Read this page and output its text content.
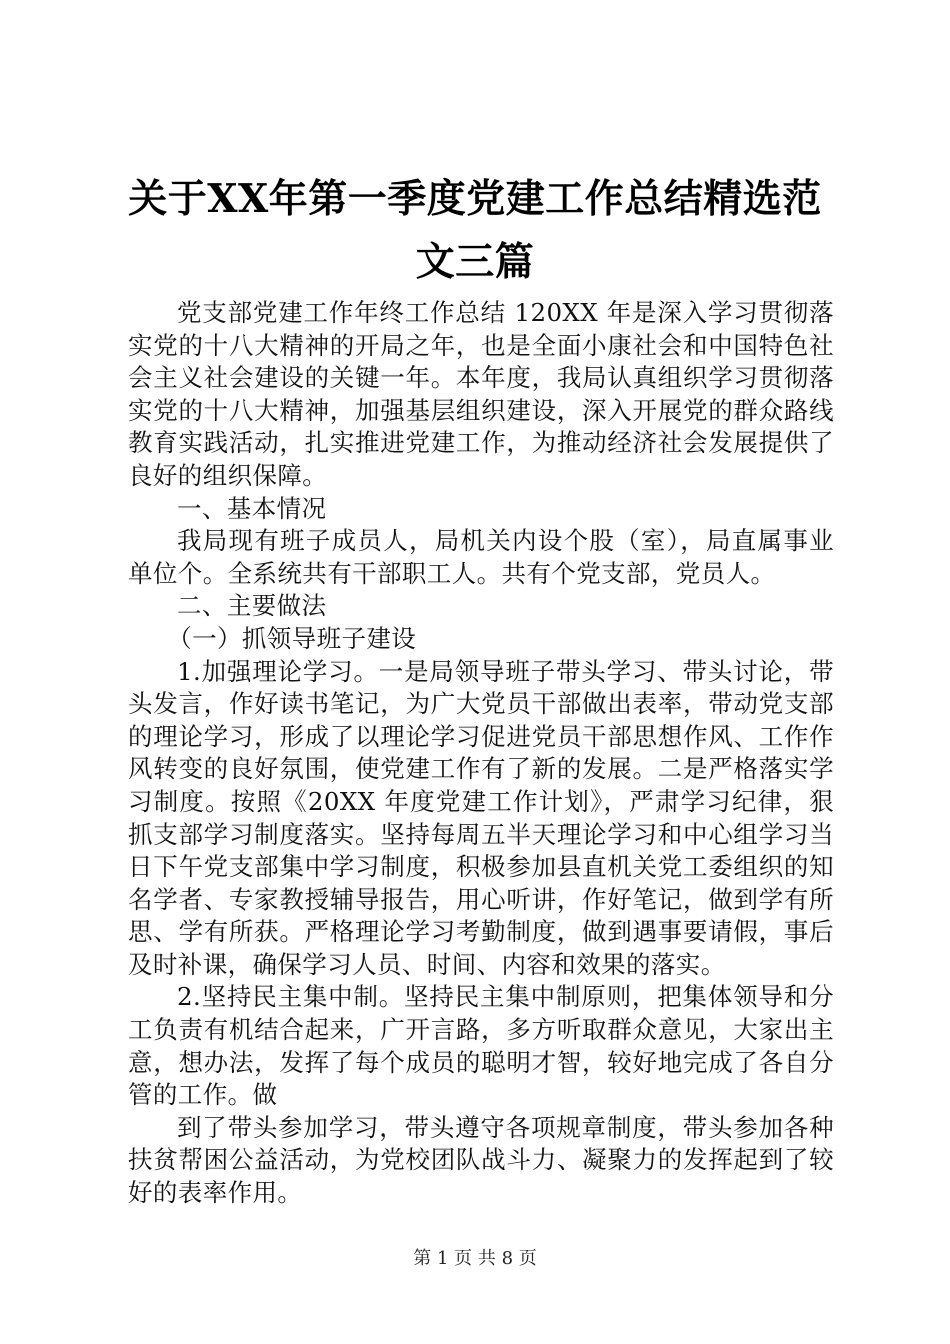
关于XX年第一季度党建工作总结精选范文三篇

党支部党建工作年终工作总结 120XX 年是深入学习贯彻落实党的十八大精神的开局之年，也是全面小康社会和中国特色社会主义社会建设的关键一年。本年度，我局认真组织学习贯彻落实党的十八大精神，加强基层组织建设，深入开展党的群众路线教育实践活动，扎实推进党建工作，为推动经济社会发展提供了良好的组织保障。

一、基本情况

我局现有班子成员人，局机关内设个股（室），局直属事业单位个。全系统共有干部职工人。共有个党支部，党员人。

二、主要做法

（一）抓领导班子建设

1.加强理论学习。一是局领导班子带头学习、带头讨论，带头发言，作好读书笔记，为广大党员干部做出表率，带动党支部的理论学习，形成了以理论学习促进党员干部思想作风、工作作风转变的良好氛围，使党建工作有了新的发展。二是严格落实学习制度。按照《20XX 年度党建工作计划》，严肃学习纪律，狠抓支部学习制度落实。坚持每周五半天理论学习和中心组学习当日下午党支部集中学习制度，积极参加县直机关党工委组织的知名学者、专家教授辅导报告，用心听讲，作好笔记，做到学有所思、学有所获。严格理论学习考勤制度，做到遇事要请假，事后及时补课，确保学习人员、时间、内容和效果的落实。

2.坚持民主集中制。坚持民主集中制原则，把集体领导和分工负责有机结合起来，广开言路，多方听取群众意见，大家出主意，想办法，发挥了每个成员的聪明才智，较好地完成了各自分管的工作。做

到了带头参加学习，带头遵守各项规章制度，带头参加各种扶贫帮困公益活动，为党校团队战斗力、凝聚力的发挥起到了较好的表率作用。

第 1 页 共 8 页
